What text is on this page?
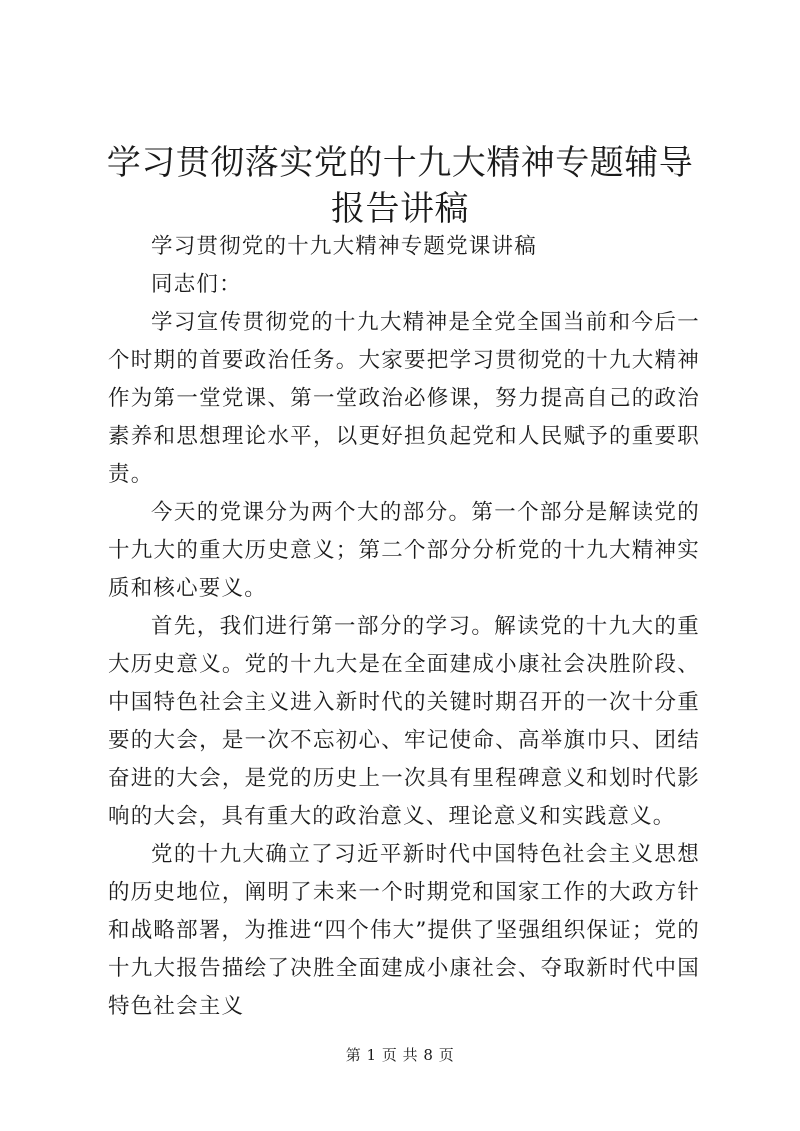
学习贯彻落实党的十九大精神专题辅导报告讲稿

学习贯彻党的十九大精神专题党课讲稿

同志们：

学习宣传贯彻党的十九大精神是全党全国当前和今后一个时期的首要政治任务。大家要把学习贯彻党的十九大精神作为第一堂党课、第一堂政治必修课，努力提高自己的政治素养和思想理论水平，以更好担负起党和人民赋予的重要职责。

今天的党课分为两个大的部分。第一个部分是解读党的十九大的重大历史意义；第二个部分分析党的十九大精神实质和核心要义。

首先，我们进行第一部分的学习。解读党的十九大的重大历史意义。党的十九大是在全面建成小康社会决胜阶段、中国特色社会主义进入新时代的关键时期召开的一次十分重要的大会，是一次不忘初心、牢记使命、高举旗巾只、团结奋进的大会，是党的历史上一次具有里程碑意义和划时代影响的大会，具有重大的政治意义、理论意义和实践意义。

党的十九大确立了习近平新时代中国特色社会主义思想的历史地位，阐明了未来一个时期党和国家工作的大政方针和战略部署，为推进“四个伟大”提供了坚强组织保证；党的十九大报告描绘了决胜全面建成小康社会、夺取新时代中国特色社会主义

第 1 页 共 8 页
